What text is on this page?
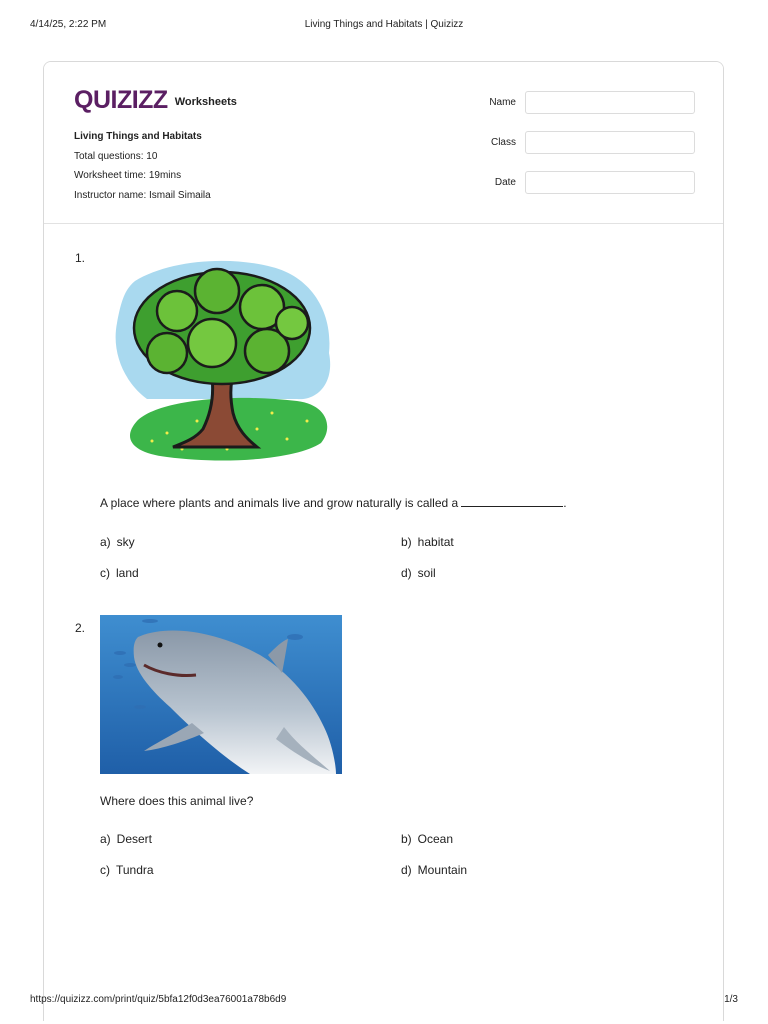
4/14/25, 2:22 PM	Living Things and Habitats | Quizizz
QUIZIZZ Worksheets
Living Things and Habitats
Total questions: 10
Worksheet time: 19mins
Instructor name: Ismail Simaila
Name
Class
Date
1.
A place where plants and animals live and grow naturally is called a	.
a) sky	b) habitat
c) land	d) soil
2.
Where does this animal live?
a) Desert	b) Ocean
c) Tundra	d) Mountain
https://quizizz.com/print/quiz/5bfa12f0d3ea76001a78b6d9	1/3
